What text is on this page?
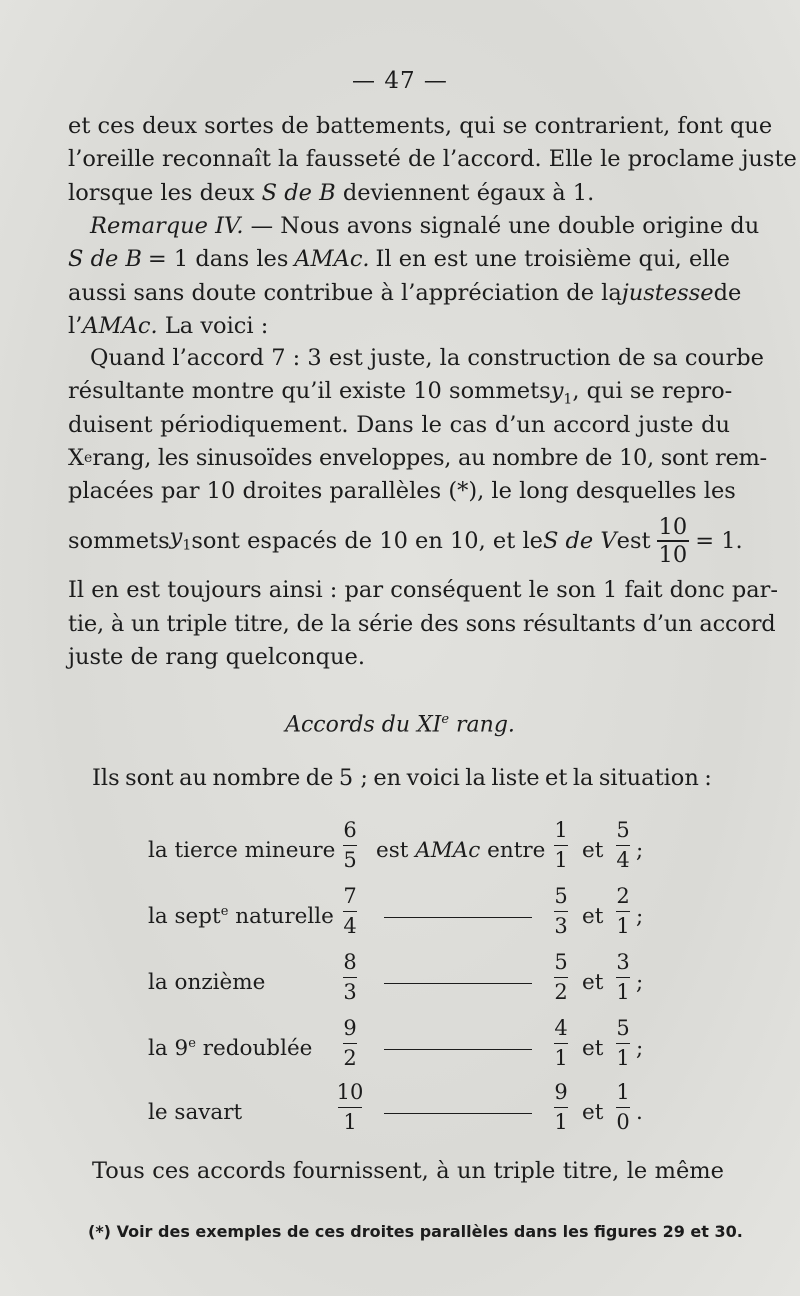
— 47 —
et ces deux sortes de battements, qui se contrarient, font que
l’oreille reconnaît la fausseté de l’accord. Elle le proclame juste
lorsque les deux
S de B
deviennent égaux à 1.
Remarque IV.
— Nous avons signalé une double origine du
S de B = 1 dans les AMAc. Il en est une troisième qui, elle
aussi sans doute contribue à l’appréciation de la justesse de
l’ AMAc.
La voici :
Quand l’accord 7 : 3 est juste, la construction de sa courbe
résultante montre qu’il existe 10 sommets $y_1$ , qui se repro-
duisent périodiquement. Dans le cas d’un accord juste du
X e rang, les sinusoïdes enveloppes, au nombre de 10, sont rem-
placées par 10 droites parallèles (*), le long desquelles les
sommets $y_1$ sont espacés de 10 en 10, et le S de V est $\frac{10}{10} = 1$.
Il en est toujours ainsi : par conséquent le son 1 fait donc par-
tie, à un triple titre, de la série des sons résultants d’un accord
juste de rang quelconque.
Accords du XIe rang.
Ils sont au nombre de 5 ; en voici la liste et la situation :
la tierce mineure
6
5 est AMAc entre
1
1 et
5
4 ;
la sept$^e$ naturelle
7
4
5
3 et
2
1 ;
la onzième
8
3
5
2 et
3
1 ;
la 9e redoublée
9
2
4
1 et
5
1 ;
le savart
10
1
9
1 et
1
0 .
Tous ces accords fournissent, à un triple titre, le même
(*) Voir des exemples de ces droites parallèles dans les figures 29 et 30.
